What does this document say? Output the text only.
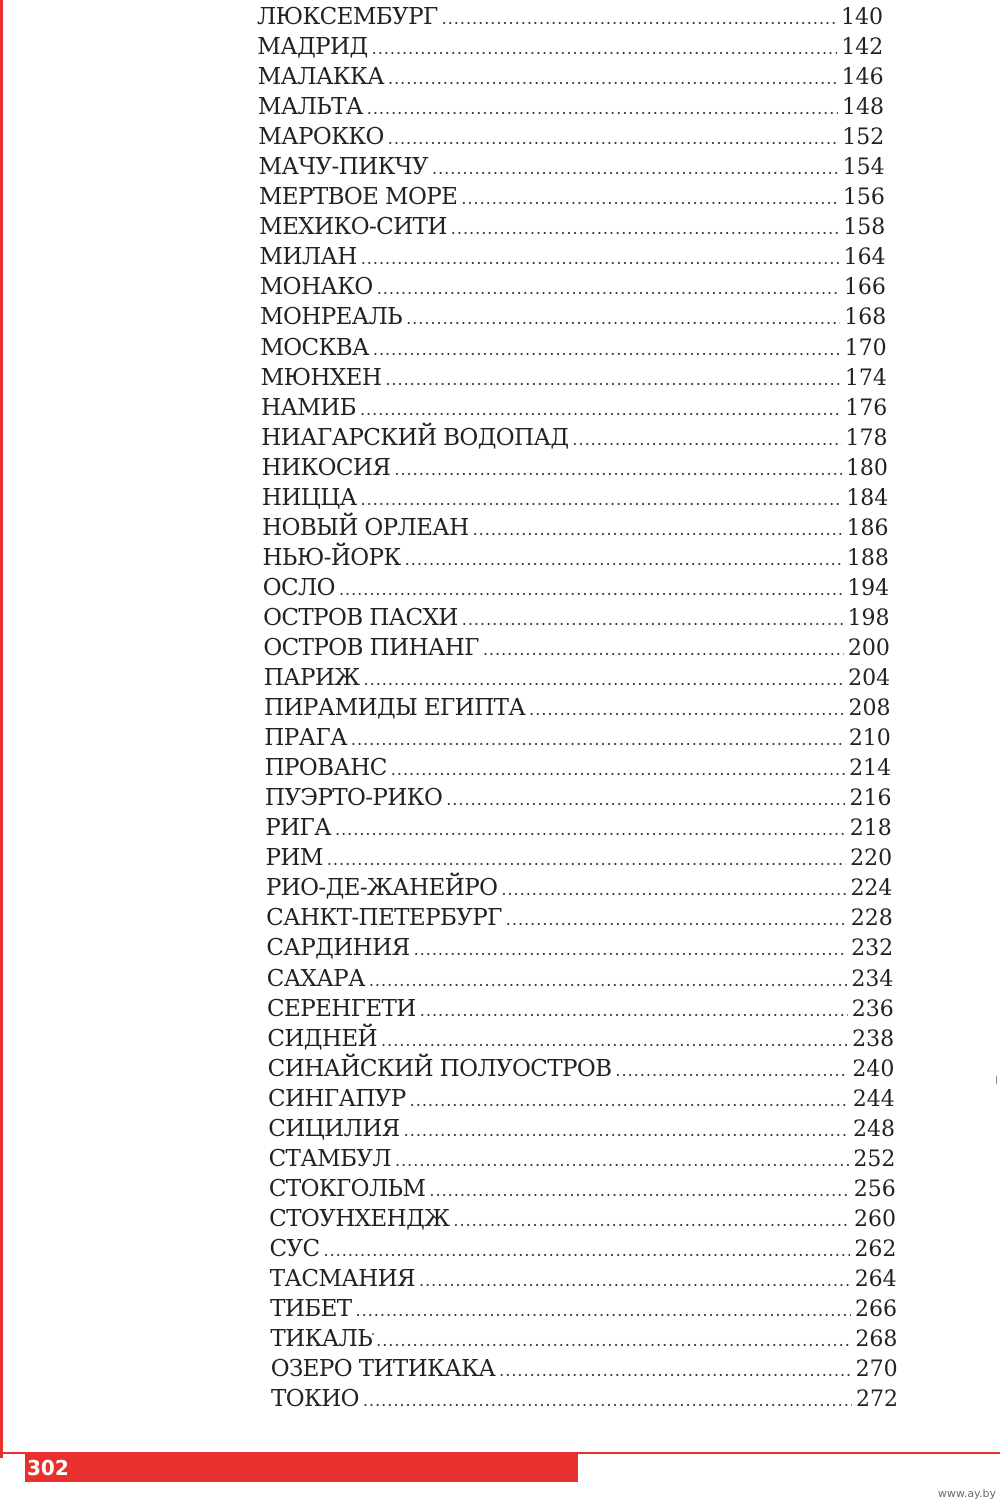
ЛЮКСЕМБУРГ .....	140
МАДРИД .....	142
МАЛАККА .....	146
МАЛЬТА .....	148
МАРОККО .....	152
МАЧУ-ПИКЧУ .....	154
МЕРТВОЕ МОРЕ .....	156
МЕХИКО-СИТИ .....	158
МИЛАН .....	164
МОНАКО .....	166
МОНРЕАЛЬ .....	168
МОСКВА .....	170
МЮНХЕН .....	174
НАМИБ .....	176
НИАГАРСКИЙ ВОДОПАД .....	178
НИКОСИЯ .....	180
НИЦЦА .....	184
НОВЫЙ ОРЛЕАН .....	186
НЬЮ-ЙОРК .....	188
ОСЛО .....	194
ОСТРОВ ПАСХИ .....	198
ОСТРОВ ПИНАНГ .....	200
ПАРИЖ .....	204
ПИРАМИДЫ ЕГИПТА .....	208
ПРАГА .....	210
ПРОВАНС .....	214
ПУЭРТО-РИКО .....	216
РИГА .....	218
РИМ .....	220
РИО-ДЕ-ЖАНЕЙРО .....	224
САНКТ-ПЕТЕРБУРГ .....	228
САРДИНИЯ .....	232
САХАРА .....	234
СЕРЕНГЕТИ .....	236
СИДНЕЙ .....	238
СИНАЙСКИЙ ПОЛУОСТРОВ .....	240
СИНГАПУР .....	244
СИЦИЛИЯ .....	248
СТАМБУЛ .....	252
СТОКГОЛЬМ .....	256
СТОУНХЕНДЖ .....	260
СУС .....	262
ТАСМАНИЯ .....	264
ТИБЕТ .....	266
ТИКАЛЬ .....	268
ОЗЕРО ТИТИКАКА .....	270
ТОКИО .....	272
302
www.ay.by
